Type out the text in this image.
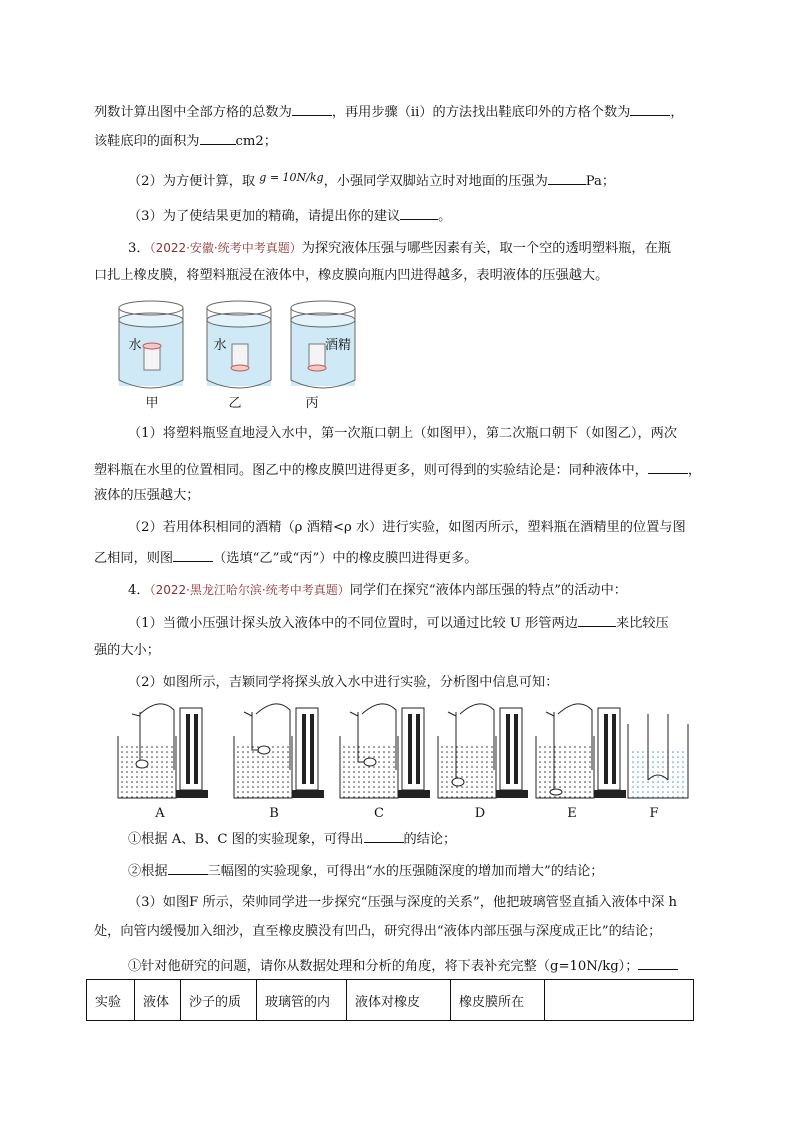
列数计算出图中全部方格的总数为	，再用步骤（ⅱ）的方法找出鞋底印外的方格个数为	，
该鞋底印的面积为	cm2；
（2）为方便计算，取 $^{g = 10N/kg}$，小强同学双脚站立时对地面的压强为	Pa；
（3）为了使结果更加的精确，请提出你的建议	。
3．（2022·安徽·统考中考真题）为探究液体压强与哪些因素有关，取一个空的透明塑料瓶，在瓶
口扎上橡皮膜，将塑料瓶浸在液体中，橡皮膜向瓶内凹进得越多，表明液体的压强越大。
水	水	酒精
甲	乙	丙
（1）将塑料瓶竖直地浸入水中，第一次瓶口朝上（如图甲），第二次瓶口朝下（如图乙），两次
塑料瓶在水里的位置相同。图乙中的橡皮膜凹进得更多，则可得到的实验结论是：同种液体中，	，
液体的压强越大；
（2）若用体积相同的酒精（ρ 酒精<ρ 水）进行实验，如图丙所示，塑料瓶在酒精里的位置与图
乙相同，则图	（选填“乙”或“丙”）中的橡皮膜凹进得更多。
4．（2022·黑龙江哈尔滨·统考中考真题）同学们在探究“液体内部压强的特点”的活动中：
（1）当微小压强计探头放入液体中的不同位置时，可以通过比较 U 形管两边	来比较压
强的大小；
（2）如图所示，吉颖同学将探头放入水中进行实验，分析图中信息可知：
A	B	C	D	E	F
①根据 A、B、C 图的实验现象，可得出	的结论；
②根据	三幅图的实验现象，可得出“水的压强随深度的增加而增大”的结论；
（3）如图F 所示，荣帅同学进一步探究“压强与深度的关系”，他把玻璃管竖直插入液体中深 h
处，向管内缓慢加入细沙，直至橡皮膜没有凹凸，研究得出“液体内部压强与深度成正比”的结论；
①针对他研究的问题，请你从数据处理和分析的角度，将下表补充完整（g=10N/kg）；
实验	液体	沙子的质	玻璃管的内	液体对橡皮	橡皮膜所在	
